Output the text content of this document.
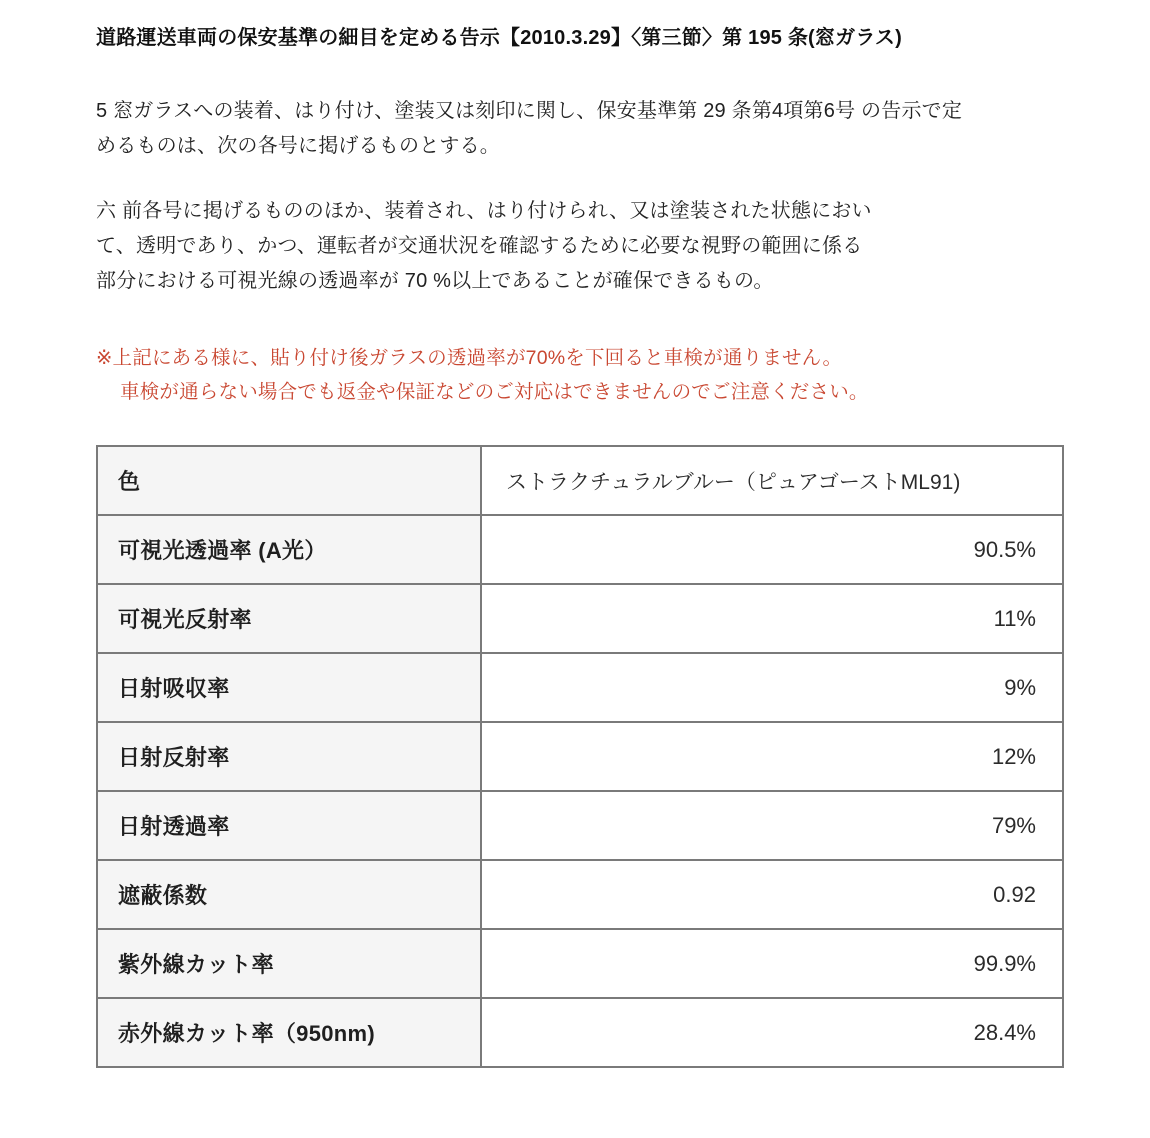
道路運送車両の保安基準の細目を定める告示【2010.3.29】〈第三節〉第 195 条(窓ガラス)
5 窓ガラスへの装着、はり付け、塗装又は刻印に関し、保安基準第 29 条第4項第6号 の告示で定
めるものは、次の各号に掲げるものとする。
六 前各号に掲げるもののほか、装着され、はり付けられ、又は塗装された状態におい
て、透明であり、かつ、運転者が交通状況を確認するために必要な視野の範囲に係る
部分における可視光線の透過率が 70 %以上であることが確保できるもの。
※上記にある様に、貼り付け後ガラスの透過率が70%を下回ると車検が通りません。
車検が通らない場合でも返金や保証などのご対応はできませんのでご注意ください。
色	ストラクチュラルブルー（ピュアゴーストML91)
可視光透過率 (A光）	90.5%
可視光反射率	11%
日射吸収率	9%
日射反射率	12%
日射透過率	79%
遮蔽係数	0.92
紫外線カット率	99.9%
赤外線カット率（950nm)	28.4%
